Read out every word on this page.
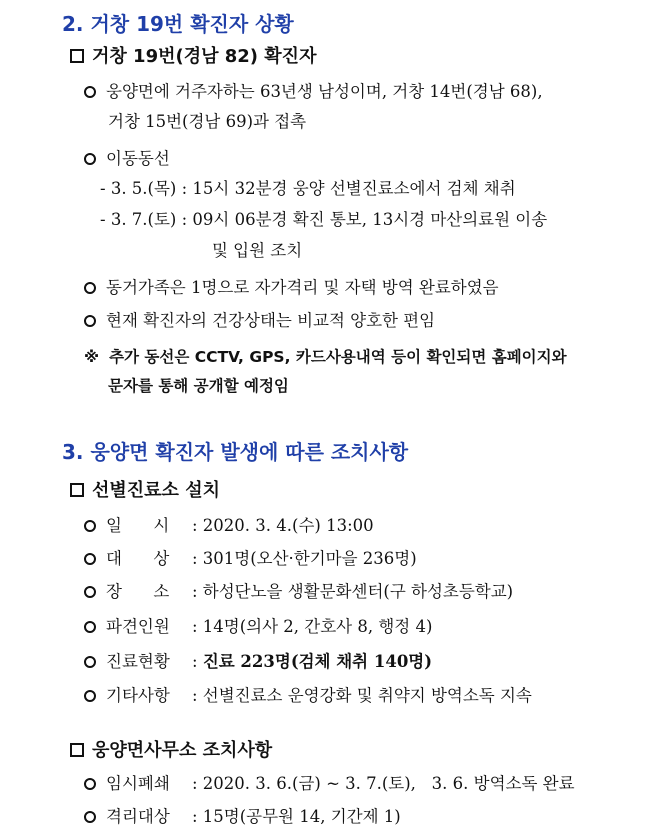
2. 거창 19번 확진자 상황
거창 19번(경남 82) 확진자
웅양면에 거주자하는 63년생 남성이며, 거창 14번(경남 68),
거창 15번(경남 69)과 접촉
이동동선
- 3. 5.(목) : 15시 32분경 웅양 선별진료소에서 검체 채취
- 3. 7.(토) : 09시 06분경 확진 통보, 13시경 마산의료원 이송
및 입원 조치
동거가족은 1명으로 자가격리 및 자택 방역 완료하였음
현재 확진자의 건강상태는 비교적 양호한 편임
※ 추가 동선은 CCTV, GPS, 카드사용내역 등이 확인되면 홈페이지와
문자를 통해 공개할 예정임
3. 웅양면 확진자 발생에 따른 조치사항
선별진료소 설치
일      시 : 2020. 3. 4.(수) 13:00
대      상 : 301명(오산·한기마을 236명)
장      소 : 하성단노을 생활문화센터(구 하성초등학교)
파견인원 : 14명(의사 2, 간호사 8, 행정 4)
진료현황 : 진료 223명(검체 채취 140명)
기타사항 : 선별진료소 운영강화 및 취약지 방역소독 지속
웅양면사무소 조치사항
임시폐쇄 : 2020. 3. 6.(금) ~ 3. 7.(토),   3. 6. 방역소독 완료
격리대상 : 15명(공무원 14, 기간제 1)
